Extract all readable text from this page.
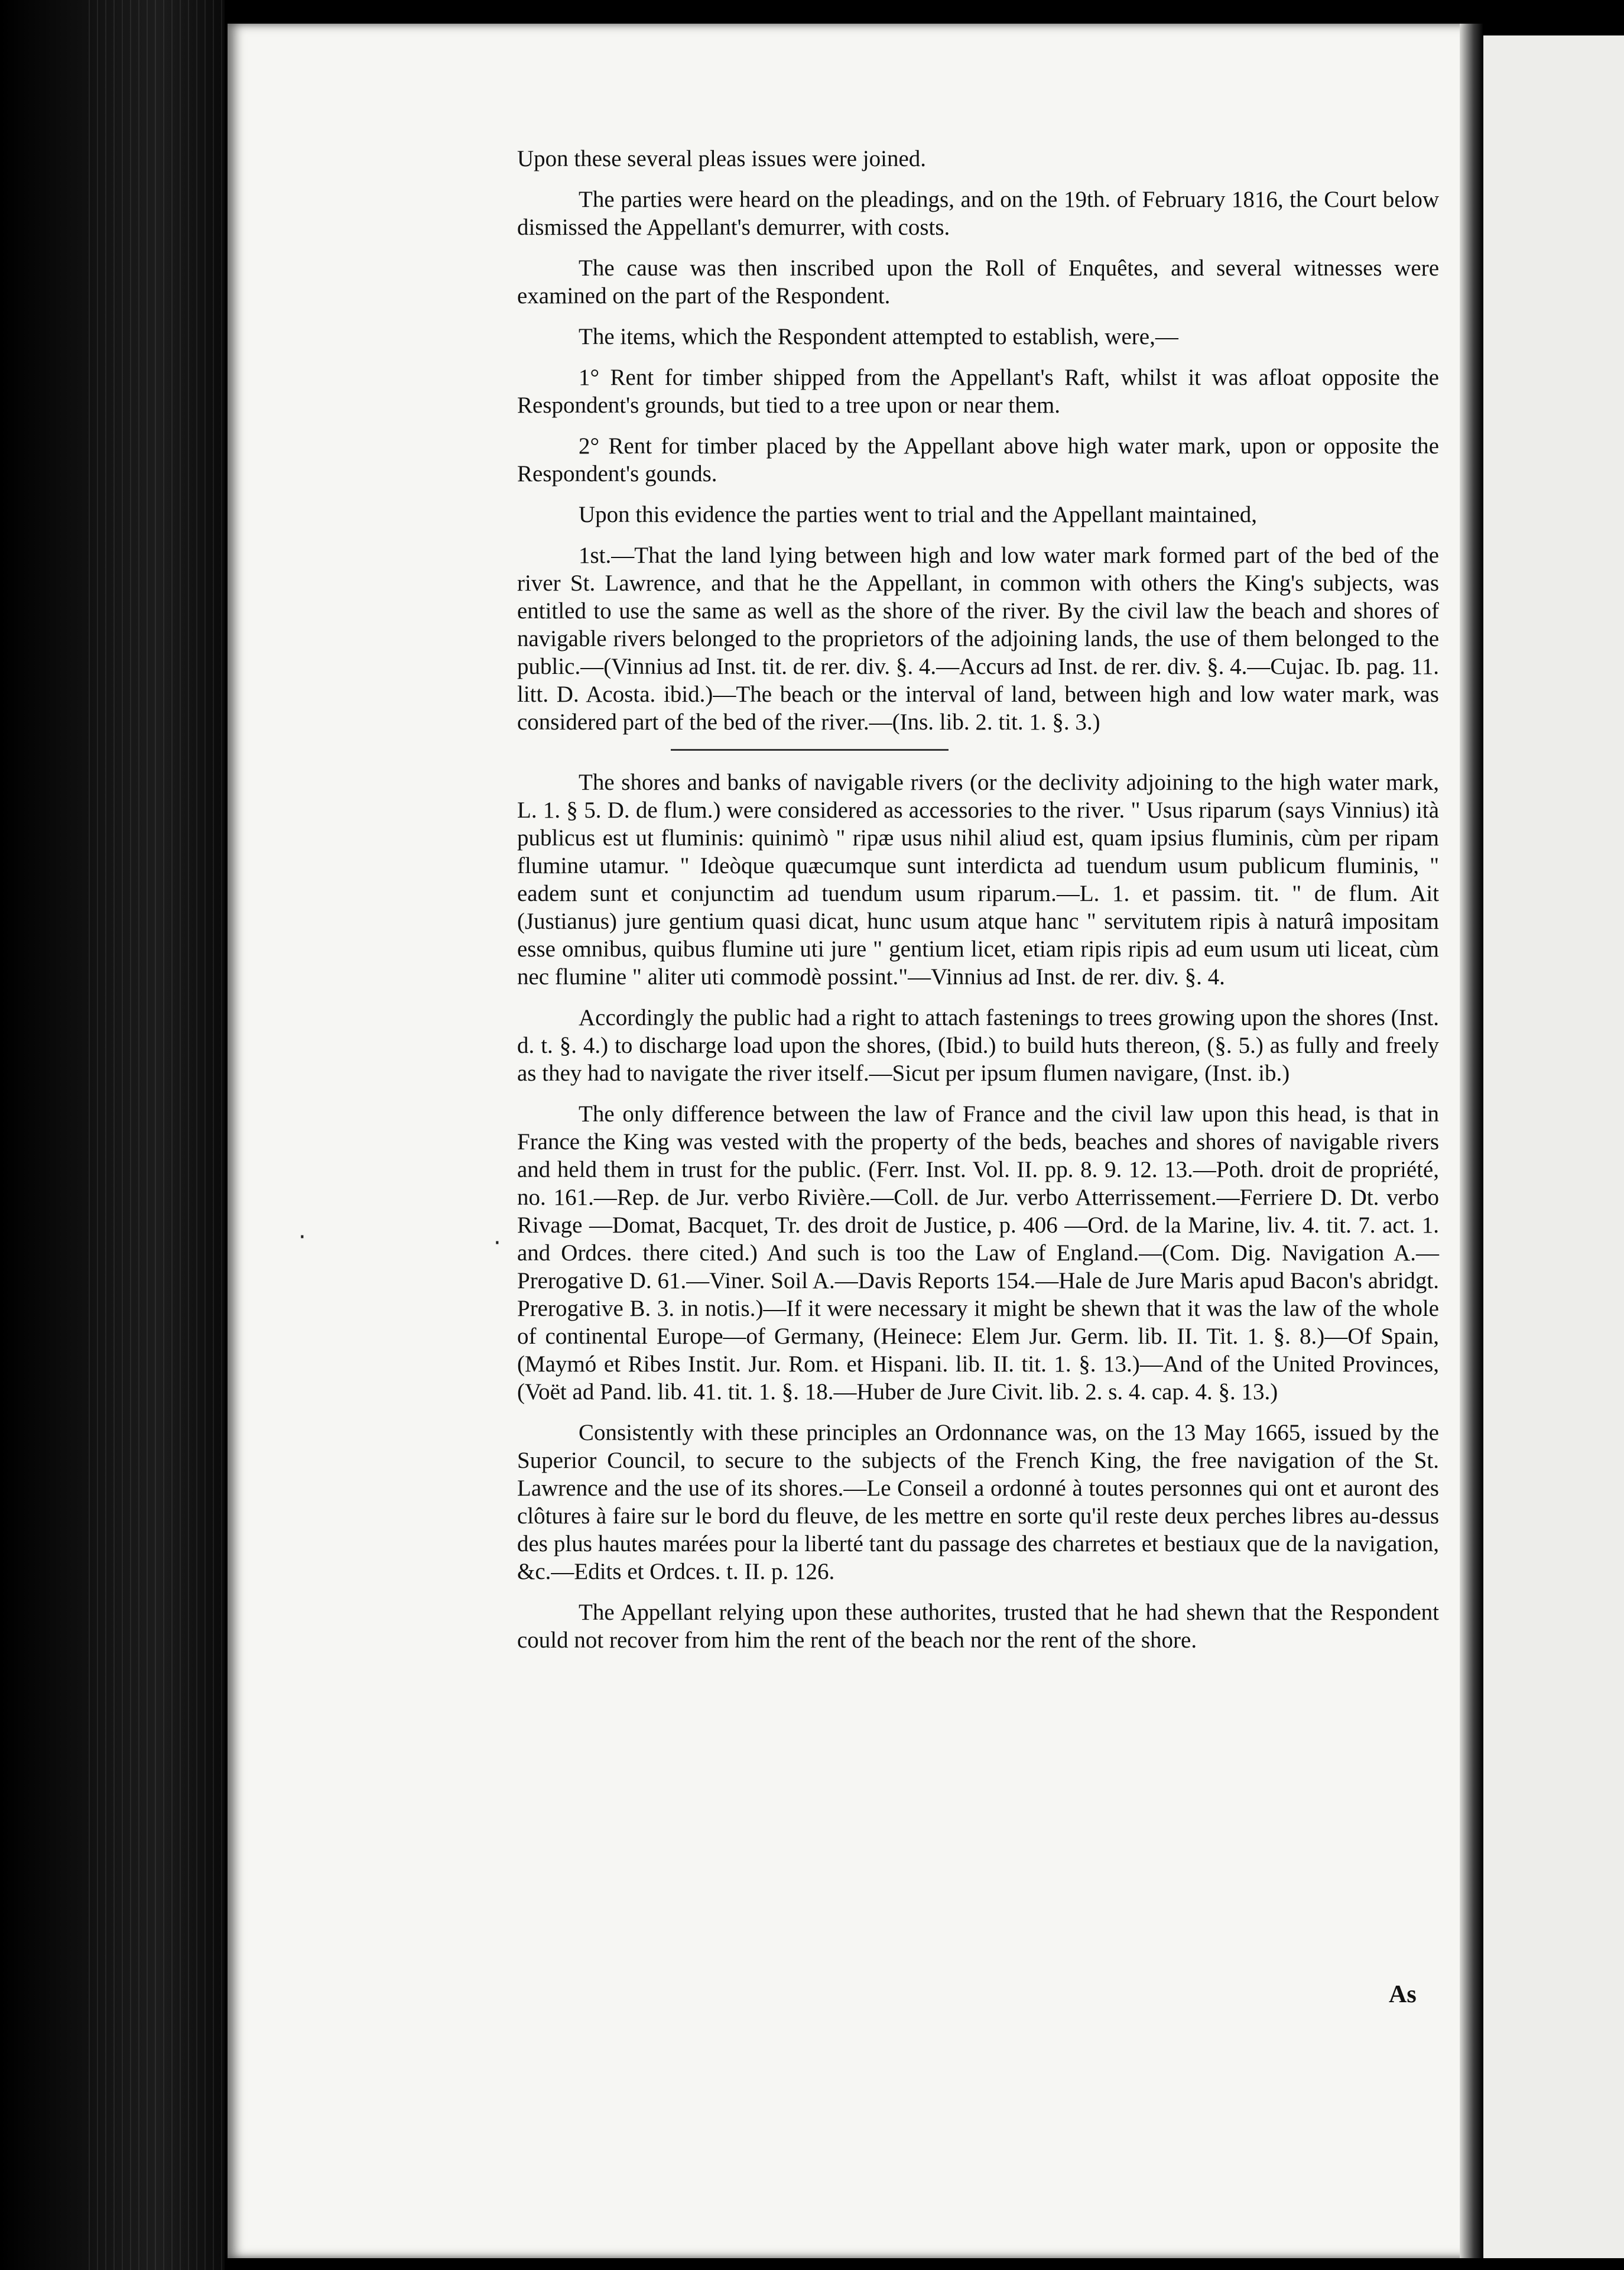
Upon these several pleas issues were joined.

The parties were heard on the pleadings, and on the 19th. of February 1816, the Court below dismissed the Appellant's demurrer, with costs.

The cause was then inscribed upon the Roll of Enquêtes, and several witnesses were examined on the part of the Respondent.

The items, which the Respondent attempted to establish, were,—

1° Rent for timber shipped from the Appellant's Raft, whilst it was afloat opposite the Respondent's grounds, but tied to a tree upon or near them.

2° Rent for timber placed by the Appellant above high water mark, upon or opposite the Respondent's gounds.

Upon this evidence the parties went to trial and the Appellant maintained,

1st.—That the land lying between high and low water mark formed part of the bed of the river St. Lawrence, and that he the Appellant, in common with others the King's subjects, was entitled to use the same as well as the shore of the river. By the civil law the beach and shores of navigable rivers belonged to the proprietors of the adjoining lands, the use of them belonged to the public.—(Vinnius ad Inst. tit. de rer. div. §. 4.—Accurs ad Inst. de rer. div. §. 4.—Cujac. Ib. pag. 11. litt. D. Acosta. ibid.)—The beach or the interval of land, between high and low water mark, was considered part of the bed of the river.—(Ins. lib. 2. tit. 1. §. 3.)

The shores and banks of navigable rivers (or the declivity adjoining to the high water mark, L. 1. § 5. D. de flum.) were considered as accessories to the river. " Usus riparum (says Vinnius) ità publicus est ut fluminis: quinimò " ripæ usus nihil aliud est, quam ipsius fluminis, cùm per ripam flumine utamur. " Ideòque quæcumque sunt interdicta ad tuendum usum publicum fluminis, " eadem sunt et conjunctim ad tuendum usum riparum.—L. 1. et passim. tit. " de flum. Ait (Justianus) jure gentium quasi dicat, hunc usum atque hanc " servitutem ripis à naturâ impositam esse omnibus, quibus flumine uti jure " gentium licet, etiam ripis ripis ad eum usum uti liceat, cùm nec flumine " aliter uti commodè possint."—Vinnius ad Inst. de rer. div. §. 4.

Accordingly the public had a right to attach fastenings to trees growing upon the shores (Inst. d. t. §. 4.) to discharge load upon the shores, (Ibid.) to build huts thereon, (§. 5.) as fully and freely as they had to navigate the river itself.—Sicut per ipsum flumen navigare, (Inst. ib.)

The only difference between the law of France and the civil law upon this head, is that in France the King was vested with the property of the beds, beaches and shores of navigable rivers and held them in trust for the public. (Ferr. Inst. Vol. II. pp. 8. 9. 12. 13.—Poth. droit de propriété, no. 161.—Rep. de Jur. verbo Rivière.—Coll. de Jur. verbo Atterrissement.—Ferriere D. Dt. verbo Rivage —Domat, Bacquet, Tr. des droit de Justice, p. 406 —Ord. de la Marine, liv. 4. tit. 7. act. 1. and Ordces. there cited.) And such is too the Law of England.—(Com. Dig. Navigation A.—Prerogative D. 61.—Viner. Soil A.—Davis Reports 154.—Hale de Jure Maris apud Bacon's abridgt. Prerogative B. 3. in notis.)—If it were necessary it might be shewn that it was the law of the whole of continental Europe—of Germany, (Heinece: Elem Jur. Germ. lib. II. Tit. 1. §. 8.)—Of Spain, (Maymó et Ribes Instit. Jur. Rom. et Hispani. lib. II. tit. 1. §. 13.)—And of the United Provinces, (Voët ad Pand. lib. 41. tit. 1. §. 18.—Huber de Jure Civit. lib. 2. s. 4. cap. 4. §. 13.)

Consistently with these principles an Ordonnance was, on the 13 May 1665, issued by the Superior Council, to secure to the subjects of the French King, the free navigation of the St. Lawrence and the use of its shores.—Le Conseil a ordonné à toutes personnes qui ont et auront des clôtures à faire sur le bord du fleuve, de les mettre en sorte qu'il reste deux perches libres au-dessus des plus hautes marées pour la liberté tant du passage des charretes et bestiaux que de la navigation, &c.—Edits et Ordces. t. II. p. 126.

The Appellant relying upon these authorites, trusted that he had shewn that the Respondent could not recover from him the rent of the beach nor the rent of the shore.

As
·
·
